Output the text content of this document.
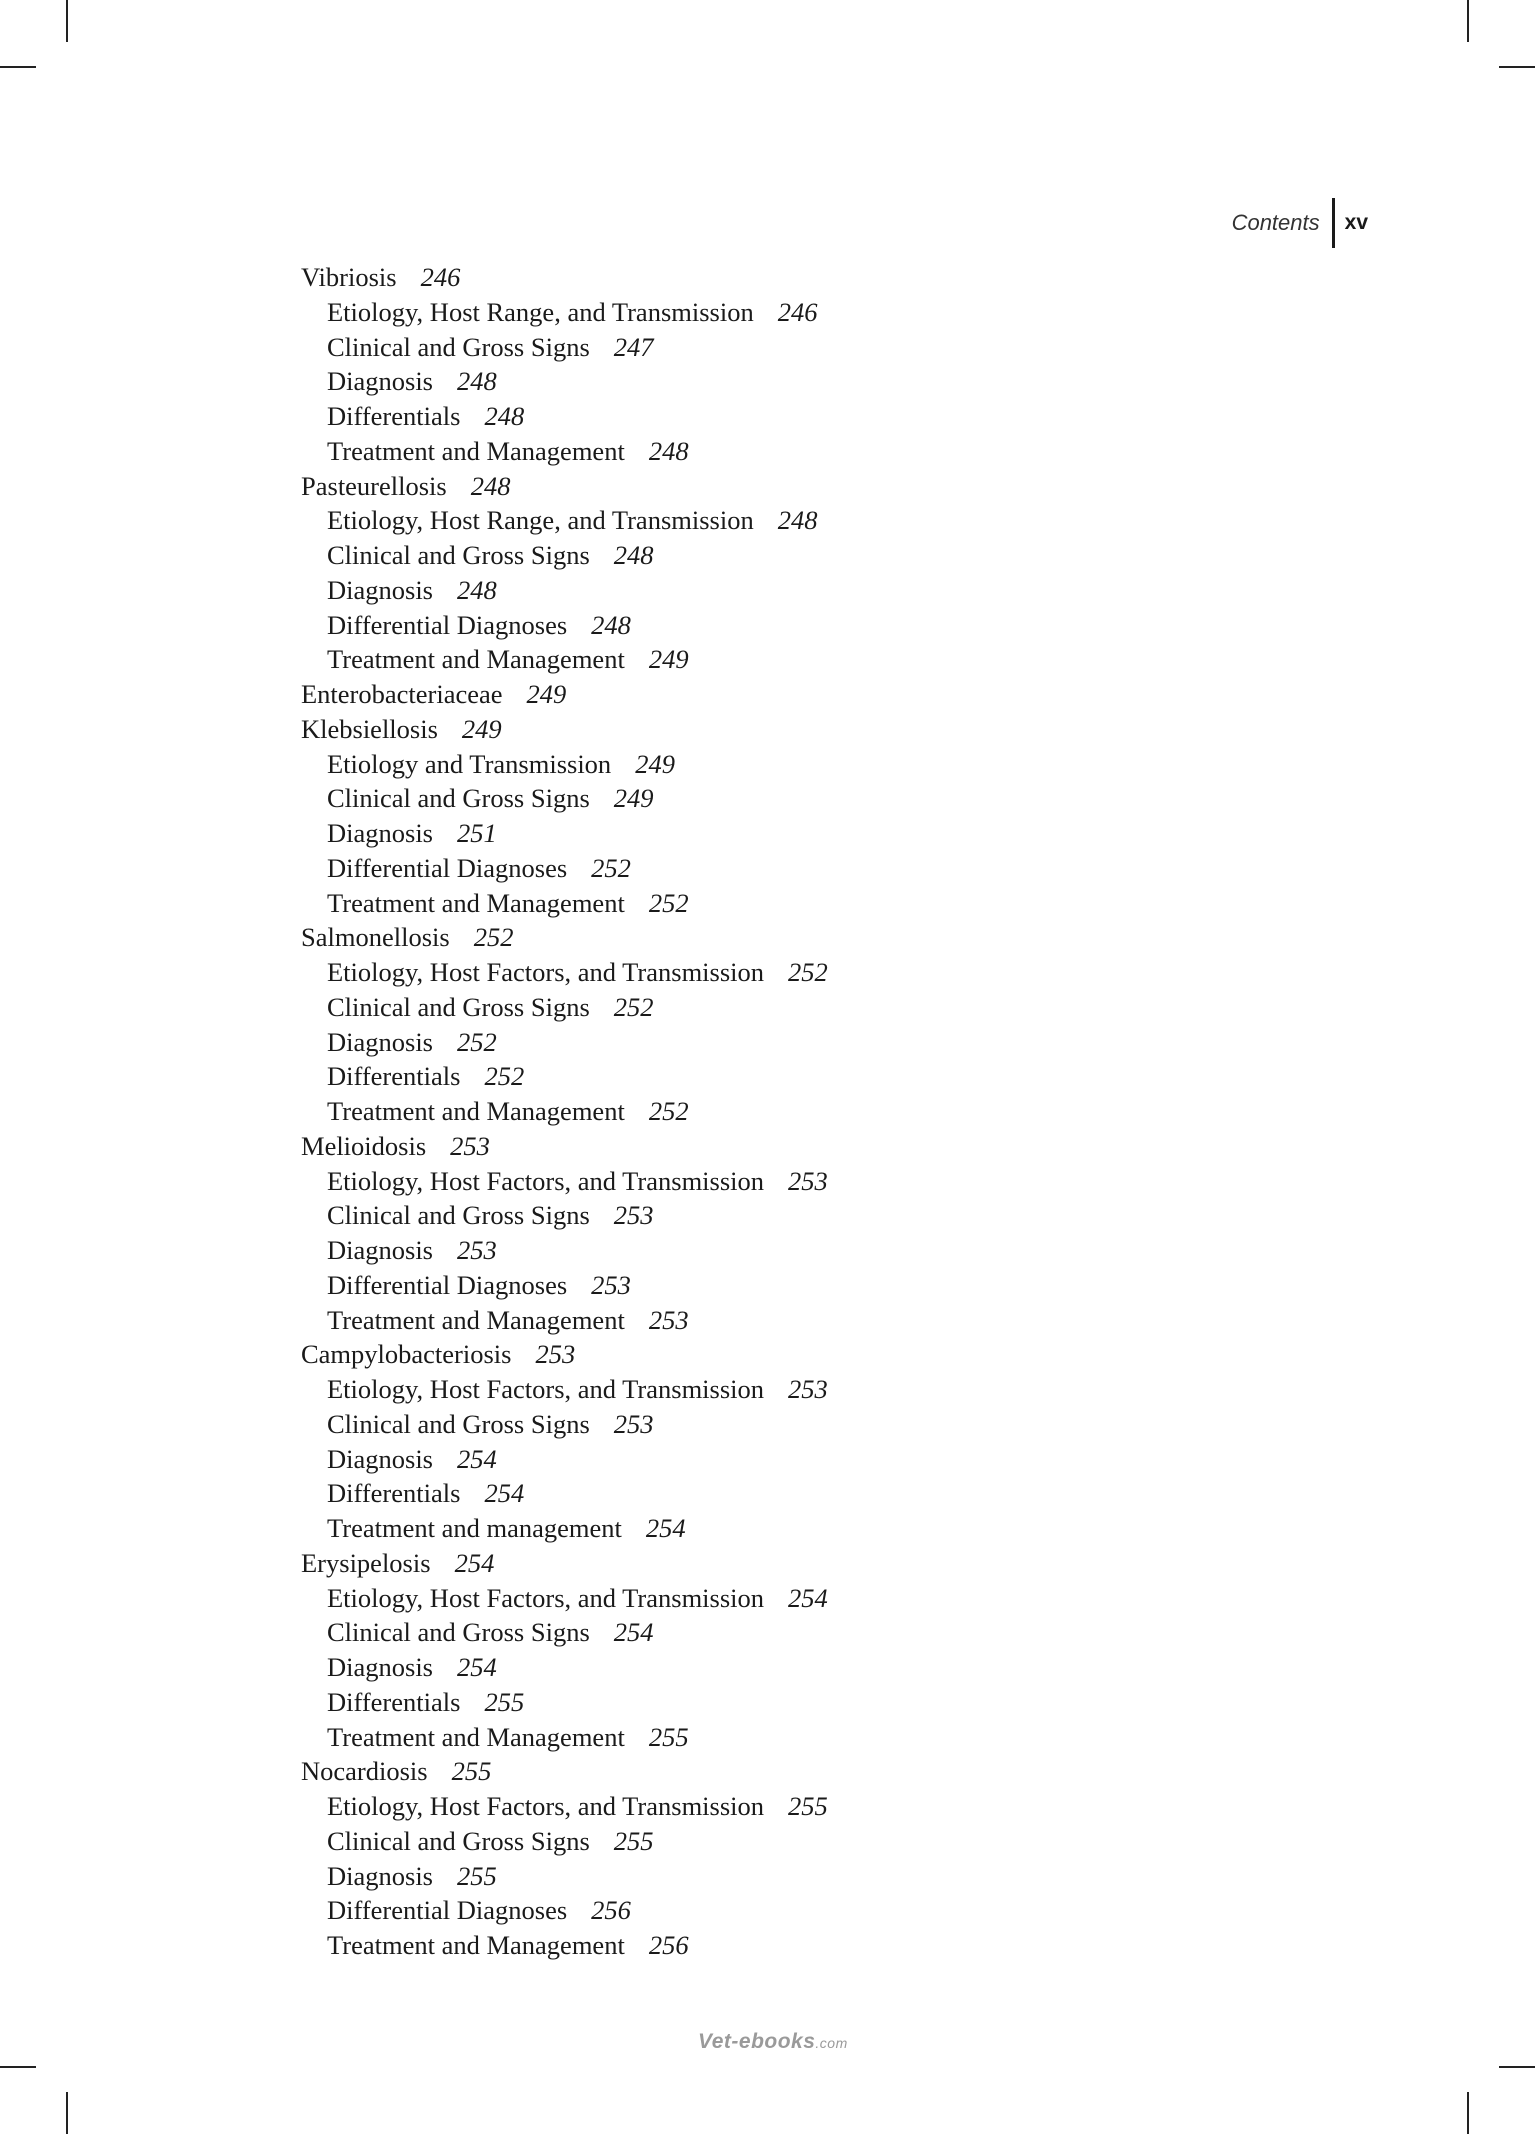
Contents	xv
Vibriosis 246
Etiology, Host Range, and Transmission 246
Clinical and Gross Signs 247
Diagnosis 248
Differentials 248
Treatment and Management 248
Pasteurellosis 248
Etiology, Host Range, and Transmission 248
Clinical and Gross Signs 248
Diagnosis 248
Differential Diagnoses 248
Treatment and Management 249
Enterobacteriaceae 249
Klebsiellosis 249
Etiology and Transmission 249
Clinical and Gross Signs 249
Diagnosis 251
Differential Diagnoses 252
Treatment and Management 252
Salmonellosis 252
Etiology, Host Factors, and Transmission 252
Clinical and Gross Signs 252
Diagnosis 252
Differentials 252
Treatment and Management 252
Melioidosis 253
Etiology, Host Factors, and Transmission 253
Clinical and Gross Signs 253
Diagnosis 253
Differential Diagnoses 253
Treatment and Management 253
Campylobacteriosis 253
Etiology, Host Factors, and Transmission 253
Clinical and Gross Signs 253
Diagnosis 254
Differentials 254
Treatment and management 254
Erysipelosis 254
Etiology, Host Factors, and Transmission 254
Clinical and Gross Signs 254
Diagnosis 254
Differentials 255
Treatment and Management 255
Nocardiosis 255
Etiology, Host Factors, and Transmission 255
Clinical and Gross Signs 255
Diagnosis 255
Differential Diagnoses 256
Treatment and Management 256
Vet-ebooks.com
